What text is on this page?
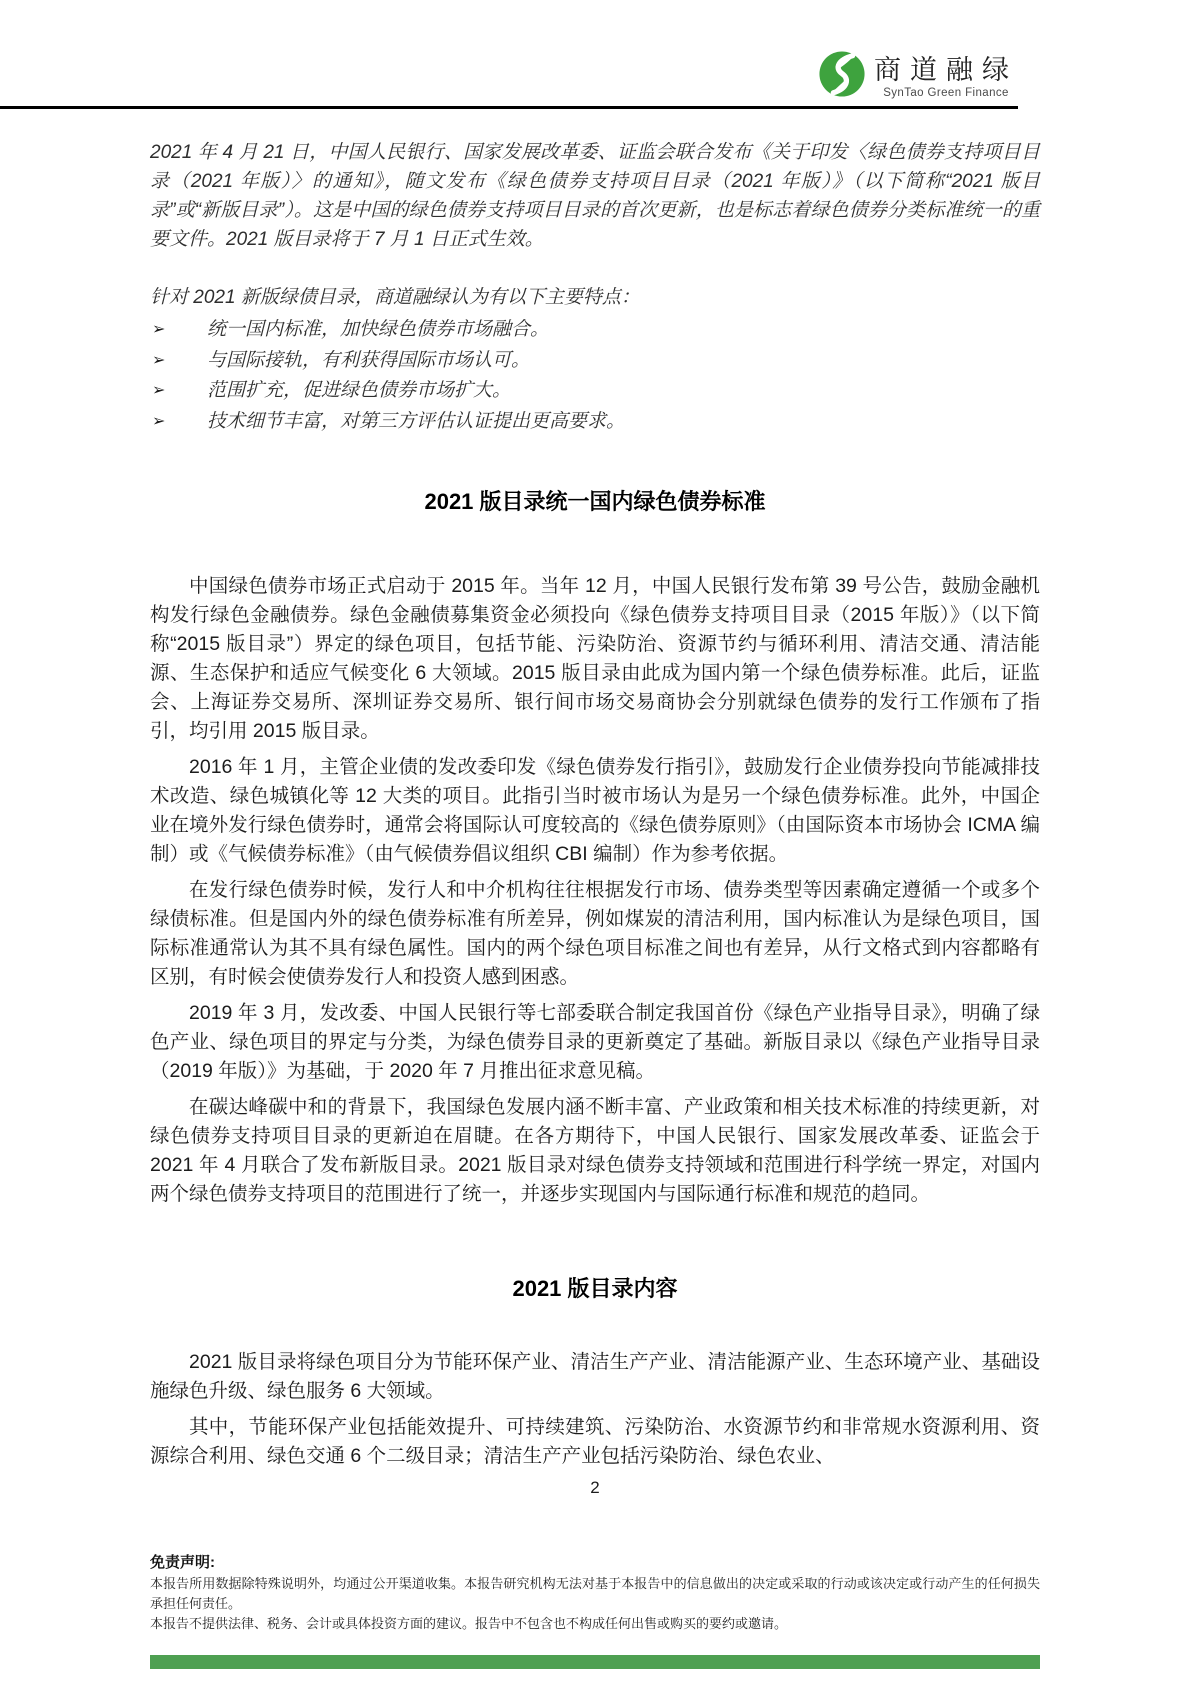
商道融绿
SynTao Green Finance

2021 年 4 月 21 日，中国人民银行、国家发展改革委、证监会联合发布《关于印发〈绿色债券支持项目目录（2021 年版）〉的通知》，随文发布《绿色债券支持项目目录（2021 年版）》（以下简称“2021 版目录”或“新版目录”）。这是中国的绿色债券支持项目目录的首次更新，也是标志着绿色债券分类标准统一的重要文件。2021 版目录将于 7 月 1 日正式生效。

针对 2021 新版绿债目录，商道融绿认为有以下主要特点：

➢ 统一国内标准，加快绿色债券市场融合。
➢ 与国际接轨，有利获得国际市场认可。
➢ 范围扩充，促进绿色债券市场扩大。
➢ 技术细节丰富，对第三方评估认证提出更高要求。
2021 版目录统一国内绿色债券标准

中国绿色债券市场正式启动于 2015 年。当年 12 月，中国人民银行发布第 39 号公告，鼓励金融机构发行绿色金融债券。绿色金融债募集资金必须投向《绿色债券支持项目目录（2015 年版）》（以下简称“2015 版目录”）界定的绿色项目，包括节能、污染防治、资源节约与循环利用、清洁交通、清洁能源、生态保护和适应气候变化 6 大领域。2015 版目录由此成为国内第一个绿色债券标准。此后，证监会、上海证券交易所、深圳证券交易所、银行间市场交易商协会分别就绿色债券的发行工作颁布了指引，均引用 2015 版目录。

2016 年 1 月，主管企业债的发改委印发《绿色债券发行指引》，鼓励发行企业债券投向节能减排技术改造、绿色城镇化等 12 大类的项目。此指引当时被市场认为是另一个绿色债券标准。此外，中国企业在境外发行绿色债券时，通常会将国际认可度较高的《绿色债券原则》（由国际资本市场协会 ICMA 编制）或《气候债券标准》（由气候债券倡议组织 CBI 编制）作为参考依据。

在发行绿色债券时候，发行人和中介机构往往根据发行市场、债券类型等因素确定遵循一个或多个绿债标准。但是国内外的绿色债券标准有所差异，例如煤炭的清洁利用，国内标准认为是绿色项目，国际标准通常认为其不具有绿色属性。国内的两个绿色项目标准之间也有差异，从行文格式到内容都略有区别，有时候会使债券发行人和投资人感到困惑。

2019 年 3 月，发改委、中国人民银行等七部委联合制定我国首份《绿色产业指导目录》，明确了绿色产业、绿色项目的界定与分类，为绿色债券目录的更新奠定了基础。新版目录以《绿色产业指导目录（2019 年版）》为基础，于 2020 年 7 月推出征求意见稿。

在碳达峰碳中和的背景下，我国绿色发展内涵不断丰富、产业政策和相关技术标准的持续更新，对绿色债券支持项目目录的更新迫在眉睫。在各方期待下，中国人民银行、国家发展改革委、证监会于 2021 年 4 月联合了发布新版目录。2021 版目录对绿色债券支持领域和范围进行科学统一界定，对国内两个绿色债券支持项目的范围进行了统一，并逐步实现国内与国际通行标准和规范的趋同。

2021 版目录内容

2021 版目录将绿色项目分为节能环保产业、清洁生产产业、清洁能源产业、生态环境产业、基础设施绿色升级、绿色服务 6 大领域。

其中，节能环保产业包括能效提升、可持续建筑、污染防治、水资源节约和非常规水资源利用、资源综合利用、绿色交通 6 个二级目录；清洁生产产业包括污染防治、绿色农业、

2

免责声明:

本报告所用数据除特殊说明外，均通过公开渠道收集。本报告研究机构无法对基于本报告中的信息做出的决定或采取的行动或该决定或行动产生的任何损失承担任何责任。

本报告不提供法律、税务、会计或具体投资方面的建议。报告中不包含也不构成任何出售或购买的要约或邀请。
